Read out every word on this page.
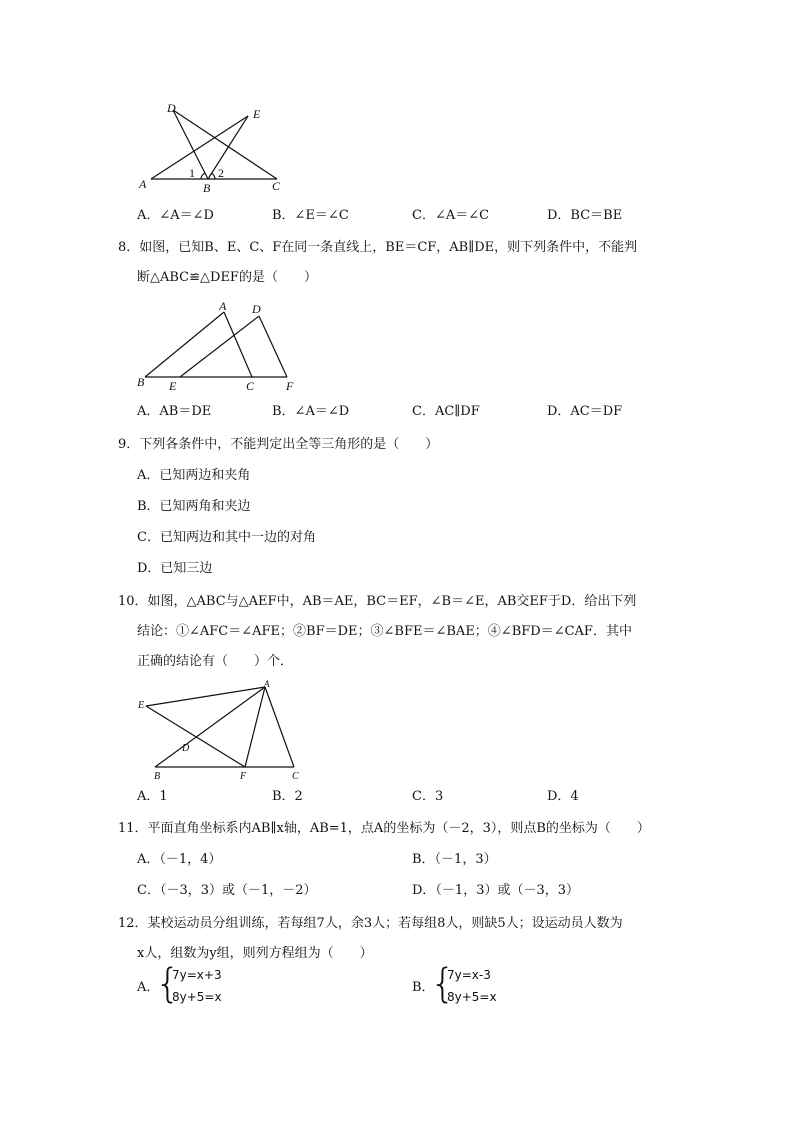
D	E
A	B	C
1 2
A．∠A＝∠D	B．∠E＝∠C	C．∠A＝∠C	D．BC＝BE
8．如图，已知B、E、C、F在同一条直线上，BE＝CF，AB∥DE，则下列条件中，不能判
断△ABC≌△DEF的是（　　）
A D
B E	C	F
A．AB＝DE	B．∠A＝∠D	C．AC∥DF	D．AC＝DF
9．下列各条件中，不能判定出全等三角形的是（　　）
A．已知两边和夹角
B．已知两角和夹边
C．已知两边和其中一边的对角
D．已知三边
10．如图，△ABC与△AEF中，AB＝AE，BC＝EF，∠B＝∠E，AB交EF于D．给出下列
结论：①∠AFC＝∠AFE；②BF＝DE；③∠BFE＝∠BAE；④∠BFD＝∠CAF．其中
正确的结论有（　　）个．
A
E
D
B	F	C
A．1	B．2	C．3	D．4
11．平面直角坐标系内AB∥x轴，AB=1，点A的坐标为（－2，3），则点B的坐标为（　　）
A．（－1，4）	B．（－1，3）
C．（－3，3）或（－1，－2）	D．（－1，3）或（－3，3）
12．某校运动员分组训练，若每组7人，余3人；若每组8人，则缺5人；设运动员人数为
x人，组数为y组，则列方程组为（　　）
A．
{
7y=x+3
8y+5=x
B．
{
7y=x-3
8y+5=x
